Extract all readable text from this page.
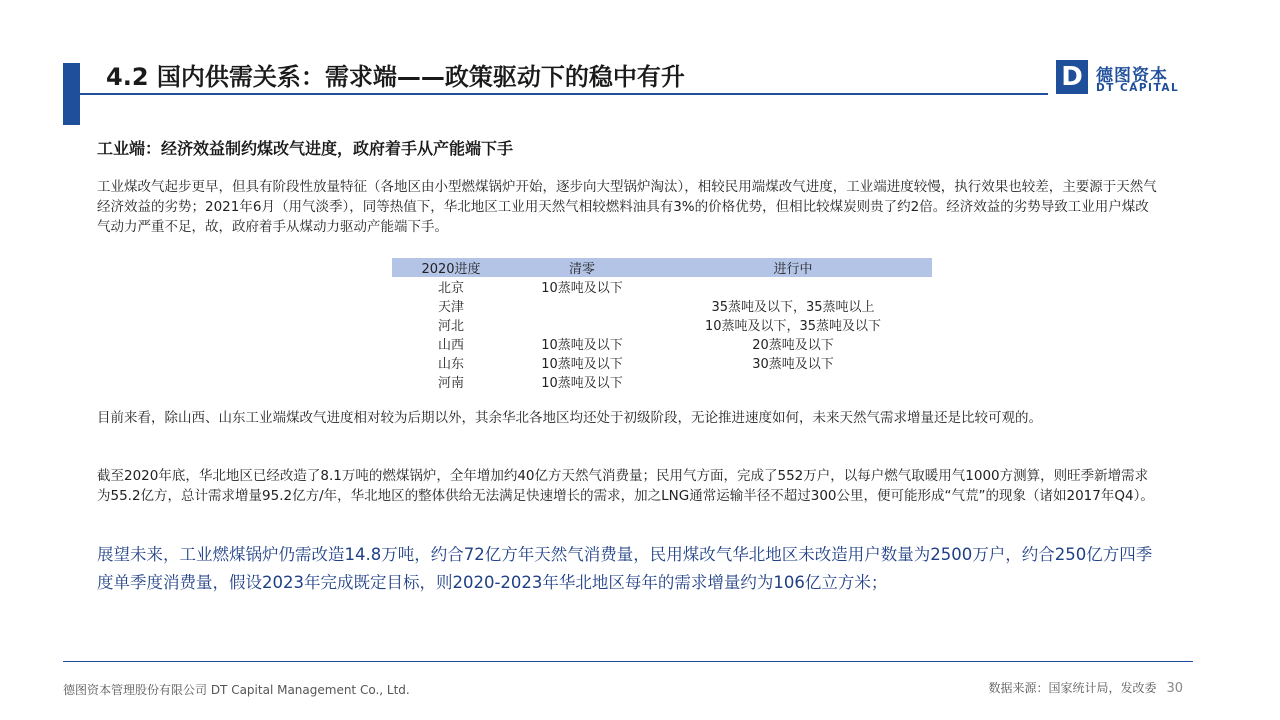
4.2 国内供需关系：需求端——政策驱动下的稳中有升	D 德图资本
DT CAPITAL
工业端：经济效益制约煤改气进度，政府着手从产能端下手

工业煤改气起步更早，但具有阶段性放量特征（各地区由小型燃煤锅炉开始，逐步向大型锅炉淘汰），相较民用端煤改气进度，工业端进度较慢，执行效果也较差，主要源于天然气经济效益的劣势；2021年6月（用气淡季），同等热值下，华北地区工业用天然气相较燃料油具有3%的价格优势，但相比较煤炭则贵了约2倍。经济效益的劣势导致工业用户煤改气动力严重不足，故，政府着手从煤动力驱动产能端下手。

2020进度	清零	进行中
北京	10蒸吨及以下	
天津		35蒸吨及以下，35蒸吨以上
河北		10蒸吨及以下，35蒸吨及以下
山西	10蒸吨及以下	20蒸吨及以下
山东	10蒸吨及以下	30蒸吨及以下
河南	10蒸吨及以下	

目前来看，除山西、山东工业端煤改气进度相对较为后期以外，其余华北各地区均还处于初级阶段，无论推进速度如何，未来天然气需求增量还是比较可观的。

截至2020年底，华北地区已经改造了8.1万吨的燃煤锅炉，全年增加约40亿方天然气消费量；民用气方面，完成了552万户，以每户燃气取暖用气1000方测算，则旺季新增需求为55.2亿方，总计需求增量95.2亿方/年，华北地区的整体供给无法满足快速增长的需求，加之LNG通常运输半径不超过300公里，便可能形成“气荒”的现象（诸如2017年Q4）。

展望未来，工业燃煤锅炉仍需改造14.8万吨，约合72亿方年天然气消费量，民用煤改气华北地区未改造用户数量为2500万户，约合250亿方四季度单季度消费量，假设2023年完成既定目标，则2020-2023年华北地区每年的需求增量约为106亿立方米；

德图资本管理股份有限公司 DT Capital Management Co., Ltd.	数据来源：国家统计局，发改委 30
